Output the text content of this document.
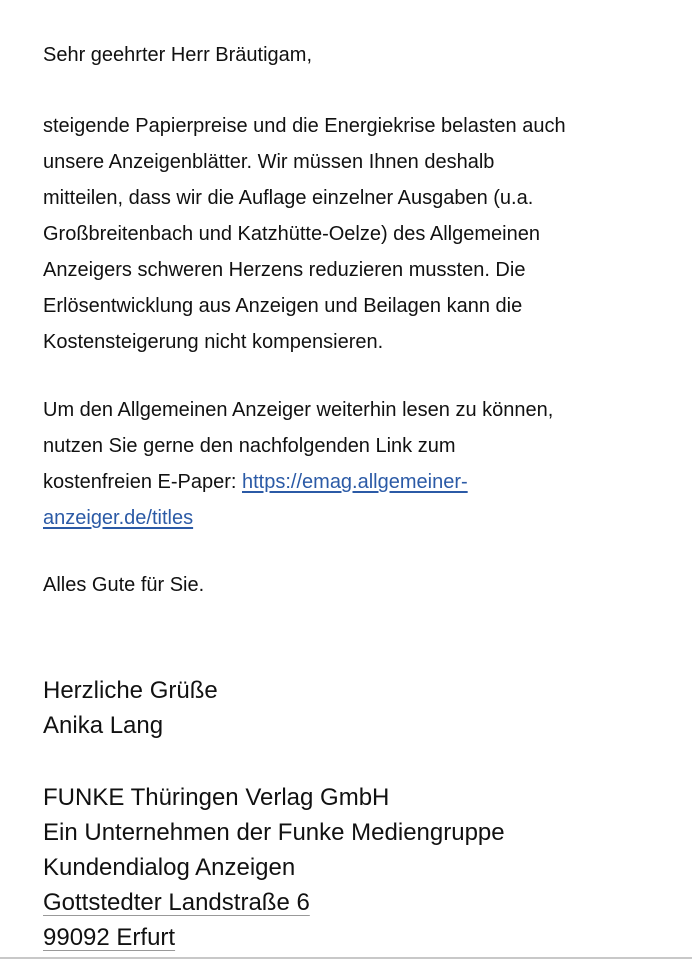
Sehr geehrter Herr Bräutigam,

steigende Papierpreise und die Energiekrise belasten auch
unsere Anzeigenblätter. Wir müssen Ihnen deshalb
mitteilen, dass wir die Auflage einzelner Ausgaben (u.a.
Großbreitenbach und Katzhütte-Oelze) des Allgemeinen
Anzeigers schweren Herzens reduzieren mussten. Die
Erlösentwicklung aus Anzeigen und Beilagen kann die
Kostensteigerung nicht kompensieren.

Um den Allgemeinen Anzeiger weiterhin lesen zu können,
nutzen Sie gerne den nachfolgenden Link zum
kostenfreien E-Paper: https://emag.allgemeiner-
anzeiger.de/titles

Alles Gute für Sie.

Herzliche Grüße
Anika Lang
FUNKE Thüringen Verlag GmbH
Ein Unternehmen der Funke Mediengruppe
Kundendialog Anzeigen
Gottstedter Landstraße 6
99092 Erfurt
